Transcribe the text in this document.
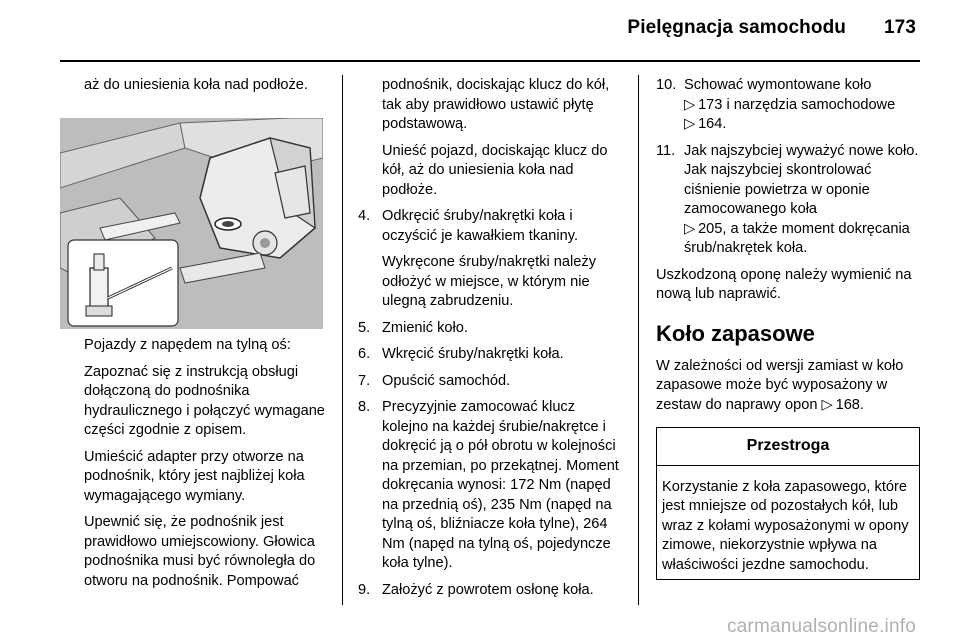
Pielęgnacja samochodu 173

aż do uniesienia koła nad podłoże.

Pojazdy z napędem na tylną oś:

Zapoznać się z instrukcją obsługi dołączoną do podnośnika hydraulicznego i połączyć wymagane części zgodnie z opisem.

Umieścić adapter przy otworze na podnośnik, który jest najbliżej koła wymagającego wymiany.

Upewnić się, że podnośnik jest prawidłowo umiejscowiony. Głowica podnośnika musi być równoległa do otworu na podnośnik. Pompować

podnośnik, dociskając klucz do kół, tak aby prawidłowo ustawić płytę podstawową.

Unieść pojazd, dociskając klucz do kół, aż do uniesienia koła nad podłoże.

4. Odkręcić śruby/nakrętki koła i oczyścić je kawałkiem tkaniny.
Wykręcone śruby/nakrętki należy odłożyć w miejsce, w którym nie ulegną zabrudzeniu.
5. Zmienić koło.
6. Wkręcić śruby/nakrętki koła.
7. Opuścić samochód.
8. Precyzyjnie zamocować klucz kolejno na każdej śrubie/nakrętce i dokręcić ją o pół obrotu w kolejności na przemian, po przekątnej. Moment dokręcania wynosi: 172 Nm (napęd na przednią oś), 235 Nm (napęd na tylną oś, bliźniacze koła tylne), 264 Nm (napęd na tylną oś, pojedyncze koła tylne).
9. Założyć z powrotem osłonę koła.
10. Schować wymontowane koło
▷ 173 i narzędzia samochodowe
▷ 164.
11. Jak najszybciej wyważyć nowe koło. Jak najszybciej skontrolować ciśnienie powietrza w oponie zamocowanego koła
▷ 205, a także moment dokręcania śrub/nakrętek koła.

Uszkodzoną oponę należy wymienić na nową lub naprawić.

Koło zapasowe

W zależności od wersji zamiast w koło zapasowe może być wyposażony w zestaw do naprawy opon ▷ 168.

Przestroga
Korzystanie z koła zapasowego, które jest mniejsze od pozostałych kół, lub wraz z kołami wyposażonymi w opony zimowe, niekorzystnie wpływa na właściwości jezdne samochodu.
carmanualsonline.info
